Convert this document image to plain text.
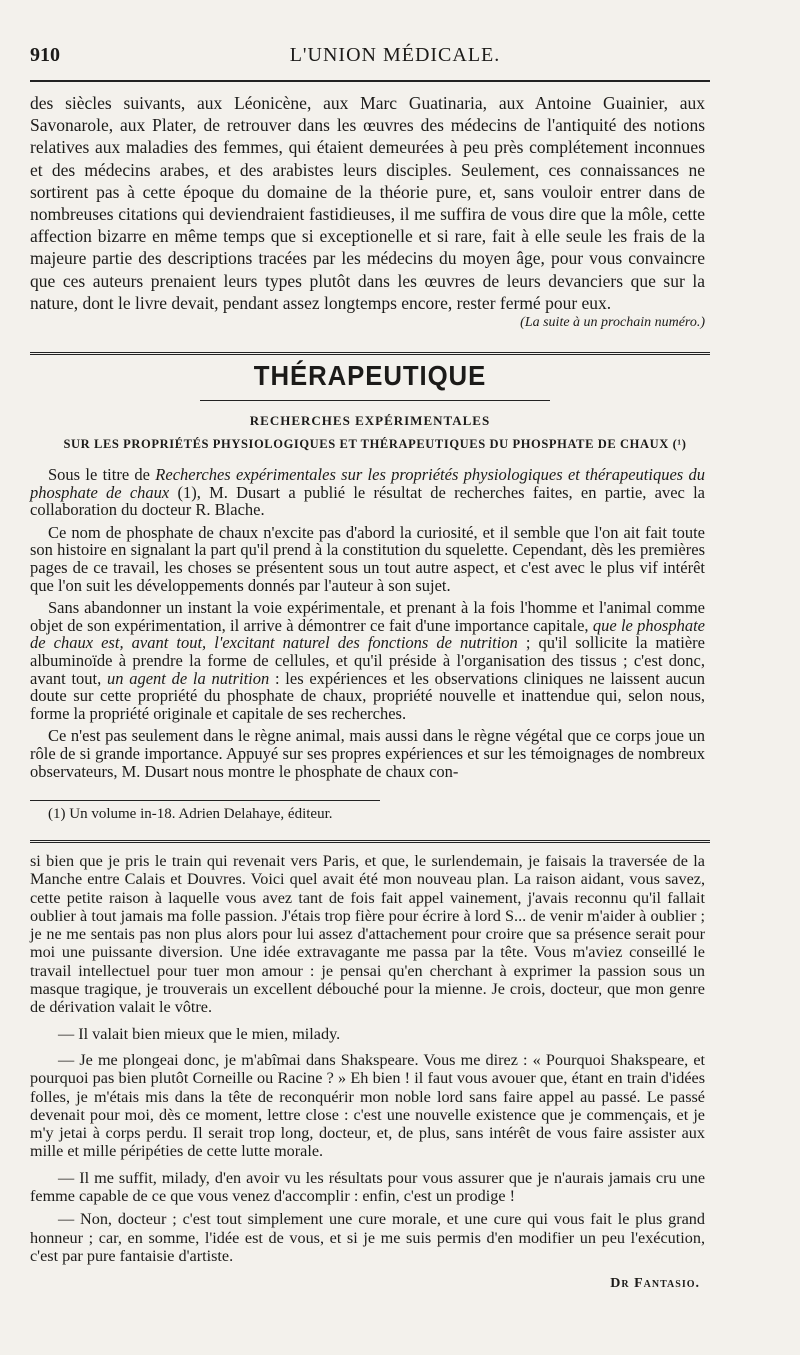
910	L'UNION MÉDICALE.

des siècles suivants, aux Léonicène, aux Marc Guatinaria, aux Antoine Guainier, aux Savonarole, aux Plater, de retrouver dans les œuvres des médecins de l'antiquité des notions relatives aux maladies des femmes, qui étaient demeurées à peu près complétement inconnues et des médecins arabes, et des arabistes leurs disciples. Seulement, ces connaissances ne sortirent pas à cette époque du domaine de la théorie pure, et, sans vouloir entrer dans de nombreuses citations qui deviendraient fastidieuses, il me suffira de vous dire que la môle, cette affection bizarre en même temps que si exceptionelle et si rare, fait à elle seule les frais de la majeure partie des descriptions tracées par les médecins du moyen âge, pour vous convaincre que ces auteurs prenaient leurs types plutôt dans les œuvres de leurs devanciers que sur la nature, dont le livre devait, pendant assez longtemps encore, rester fermé pour eux.

(La suite à un prochain numéro.)
THÉRAPEUTIQUE
RECHERCHES EXPÉRIMENTALES
SUR LES PROPRIÉTÉS PHYSIOLOGIQUES ET THÉRAPEUTIQUES DU PHOSPHATE DE CHAUX (¹)

Sous le titre de Recherches expérimentales sur les propriétés physiologiques et thérapeutiques du phosphate de chaux (1), M. Dusart a publié le résultat de recherches faites, en partie, avec la collaboration du docteur R. Blache.

Ce nom de phosphate de chaux n'excite pas d'abord la curiosité, et il semble que l'on ait fait toute son histoire en signalant la part qu'il prend à la constitution du squelette. Cependant, dès les premières pages de ce travail, les choses se présentent sous un tout autre aspect, et c'est avec le plus vif intérêt que l'on suit les développements donnés par l'auteur à son sujet.

Sans abandonner un instant la voie expérimentale, et prenant à la fois l'homme et l'animal comme objet de son expérimentation, il arrive à démontrer ce fait d'une importance capitale, que le phosphate de chaux est, avant tout, l'excitant naturel des fonctions de nutrition ; qu'il sollicite la matière albuminoïde à prendre la forme de cellules, et qu'il préside à l'organisation des tissus ; c'est donc, avant tout, un agent de la nutrition : les expériences et les observations cliniques ne laissent aucun doute sur cette propriété du phosphate de chaux, propriété nouvelle et inattendue qui, selon nous, forme la propriété originale et capitale de ses recherches.

Ce n'est pas seulement dans le règne animal, mais aussi dans le règne végétal que ce corps joue un rôle de si grande importance. Appuyé sur ses propres expériences et sur les témoignages de nombreux observateurs, M. Dusart nous montre le phosphate de chaux con-

(1) Un volume in-18. Adrien Delahaye, éditeur.

si bien que je pris le train qui revenait vers Paris, et que, le surlendemain, je faisais la traversée de la Manche entre Calais et Douvres. Voici quel avait été mon nouveau plan. La raison aidant, vous savez, cette petite raison à laquelle vous avez tant de fois fait appel vainement, j'avais reconnu qu'il fallait oublier à tout jamais ma folle passion. J'étais trop fière pour écrire à lord S... de venir m'aider à oublier ; je ne me sentais pas non plus alors pour lui assez d'attachement pour croire que sa présence serait pour moi une puissante diversion. Une idée extravagante me passa par la tête. Vous m'aviez conseillé le travail intellectuel pour tuer mon amour : je pensai qu'en cherchant à exprimer la passion sous un masque tragique, je trouverais un excellent débouché pour la mienne. Je crois, docteur, que mon genre de dérivation valait le vôtre.

— Il valait bien mieux que le mien, milady.

— Je me plongeai donc, je m'abîmai dans Shakspeare. Vous me direz : « Pourquoi Shakspeare, et pourquoi pas bien plutôt Corneille ou Racine ? » Eh bien ! il faut vous avouer que, étant en train d'idées folles, je m'étais mis dans la tête de reconquérir mon noble lord sans faire appel au passé. Le passé devenait pour moi, dès ce moment, lettre close : c'est une nouvelle existence que je commençais, et je m'y jetai à corps perdu. Il serait trop long, docteur, et, de plus, sans intérêt de vous faire assister aux mille et mille péripéties de cette lutte morale.

— Il me suffit, milady, d'en avoir vu les résultats pour vous assurer que je n'aurais jamais cru une femme capable de ce que vous venez d'accomplir : enfin, c'est un prodige !

— Non, docteur ; c'est tout simplement une cure morale, et une cure qui vous fait le plus grand honneur ; car, en somme, l'idée est de vous, et si je me suis permis d'en modifier un peu l'exécution, c'est par pure fantaisie d'artiste.

Dr Fantasio.
